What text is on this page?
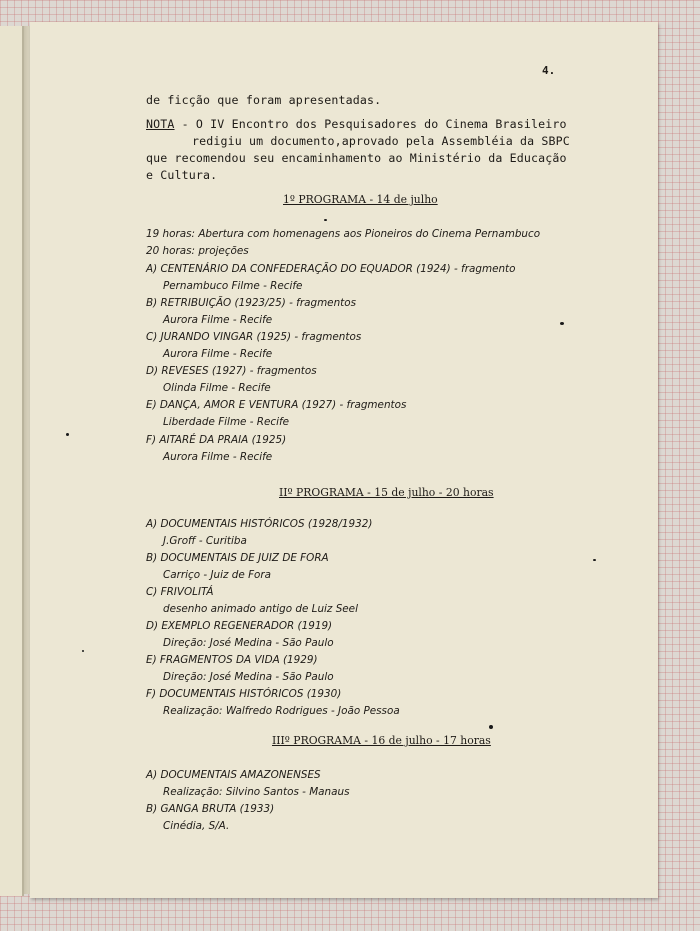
4.
de ficção que foram apresentadas.
NOTA - O IV Encontro dos Pesquisadores do Cinema Brasileiro
redigiu um documento,aprovado pela Assembléia da SBPC
que recomendou seu encaminhamento ao Ministério da Educação
e Cultura.
1º PROGRAMA - 14 de julho
19 horas: Abertura com homenagens aos Pioneiros do Cinema Pernambuco
20 horas: projeções
A) CENTENÁRIO DA CONFEDERAÇÃO DO EQUADOR (1924) - fragmento
Pernambuco Filme - Recife
B) RETRIBUIÇÃO (1923/25) - fragmentos
Aurora Filme - Recife
C) JURANDO VINGAR (1925) - fragmentos
Aurora Filme - Recife
D) REVESES (1927) - fragmentos
Olinda Filme - Recife
E) DANÇA, AMOR E VENTURA (1927) - fragmentos
Liberdade Filme - Recife
F) AITARÉ DA PRAIA (1925)
Aurora Filme - Recife
IIº PROGRAMA - 15 de julho - 20 horas
A) DOCUMENTAIS HISTÓRICOS (1928/1932)
J.Groff - Curitiba
B) DOCUMENTAIS DE JUIZ DE FORA
Carriço - Juiz de Fora
C) FRIVOLITÁ
desenho animado antigo de Luiz Seel
D) EXEMPLO REGENERADOR (1919)
Direção: José Medina - São Paulo
E) FRAGMENTOS DA VIDA (1929)
Direção: José Medina - São Paulo
F) DOCUMENTAIS HISTÓRICOS (1930)
Realização: Walfredo Rodrigues - João Pessoa
IIIº PROGRAMA - 16 de julho - 17 horas
A) DOCUMENTAIS AMAZONENSES
Realização: Silvino Santos - Manaus
B) GANGA BRUTA (1933)
Cinédia, S/A.
